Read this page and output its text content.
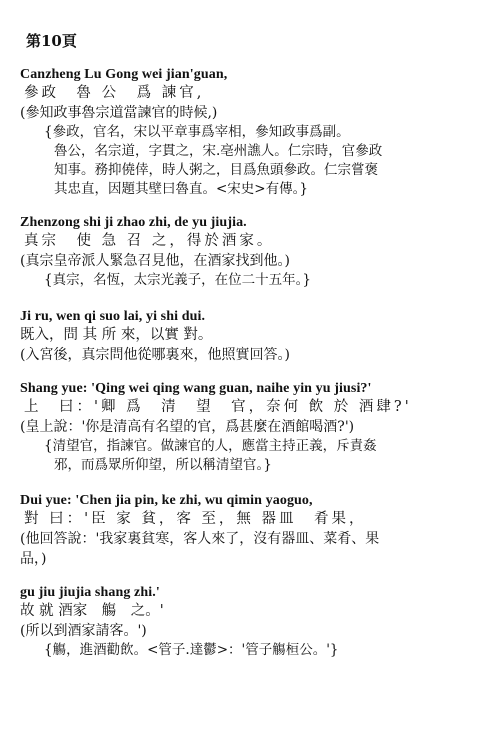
第10頁
Canzheng Lu Gong wei jian'guan,
參政　魯 公　爲 諫官,
(參知政事魯宗道當諫官的時候,)
{參政，官名，宋以平章事爲宰相，參知政事爲副。
魯公，名宗道，字貫之，宋.亳州譙人。仁宗時，官參政
知事。務抑僥倖，時人粥之，目爲魚頭參政。仁宗嘗褒
其忠直，因題其壁曰魯直。<宋史>有傳。}
Zhenzong shi ji zhao zhi, de yu jiujia.
真宗　使 急 召 之，得於酒家。
(真宗皇帝派人緊急召見他，在酒家找到他。)
{真宗，名恆，太宗光義子，在位二十五年。}
Ji ru, wen qi suo lai, yi shi dui.
既入，問 其 所 來，以實 對。
(入宮後，真宗問他從哪裏來，他照實回答。)
Shang yue: 'Qing wei qing wang guan, naihe yin yu jiusi?'
上　曰：'卿 爲　清　望　官，奈何 飲 於 酒肆?'
(皇上說：'你是清高有名望的官，爲甚麼在酒館喝酒?')
{清望官，指諫官。做諫官的人，應當主持正義，斥責姦
邪，而爲眾所仰望，所以稱清望官。}
Dui yue: 'Chen jia pin, ke zhi, wu qimin yaoguo,
對 曰：'臣 家 貧，客 至，無 器皿　肴果，
(他回答說：'我家裏貧寒，客人來了，沒有器皿、菜肴、果
品，)
gu jiu jiujia shang zhi.'
故 就 酒家　觴　之。'
(所以到酒家請客。')
{觴，進酒勸飲。<管子.達鬱>：'管子觴桓公。'}
